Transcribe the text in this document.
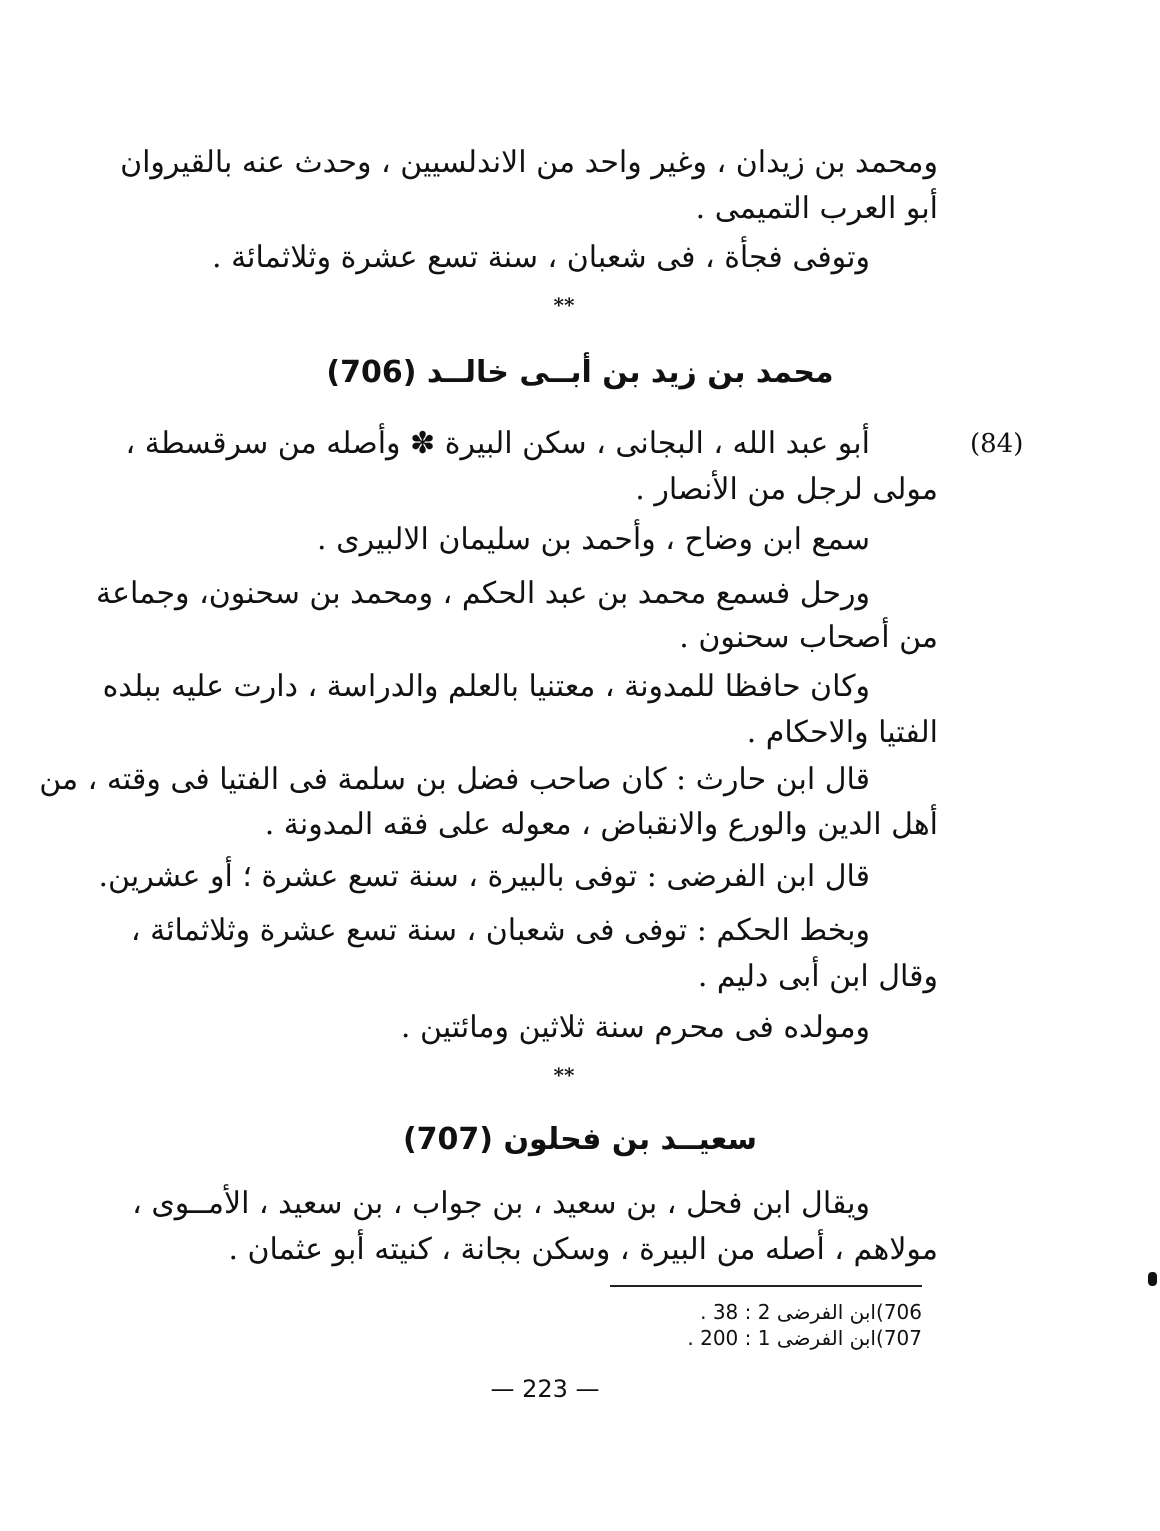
ومحمد بن زيدان ، وغير واحد من الاندلسيين ، وحدث عنه بالقيروان
أبو العرب التميمى .
وتوفى فجأة ، فى شعبان ، سنة تسع عشرة وثلاثمائة .
**
محمد بن زيد بن أبــى خالــد (706)
(84)
أبو عبد الله ، البجانى ، سكن البيرة ✽ وأصله من سرقسطة ،
مولى لرجل من الأنصار .
سمع ابن وضاح ، وأحمد بن سليمان الالبيرى .
ورحل فسمع محمد بن عبد الحكم ، ومحمد بن سحنون، وجماعة
من أصحاب سحنون .
وكان حافظا للمدونة ، معتنيا بالعلم والدراسة ، دارت عليه ببلده
الفتيا والاحكام .
قال ابن حارث : كان صاحب فضل بن سلمة فى الفتيا فى وقته ، من
أهل الدين والورع والانقباض ، معوله على فقه المدونة .
قال ابن الفرضى : توفى بالبيرة ، سنة تسع عشرة ؛ أو عشرين.
وبخط الحكم : توفى فى شعبان ، سنة تسع عشرة وثلاثمائة ،
وقال ابن أبى دليم .
ومولده فى محرم سنة ثلاثين ومائتين .
**
سعيــد بن فحلون (707)
ويقال ابن فحل ، بن سعيد ، بن جواب ، بن سعيد ، الأمــوى ،
مولاهم ، أصله من البيرة ، وسكن بجانة ، كنيته أبو عثمان .
706)ابن الفرضى 2 : 38 .
707)ابن الفرضى 1 : 200 .
— 223 —
